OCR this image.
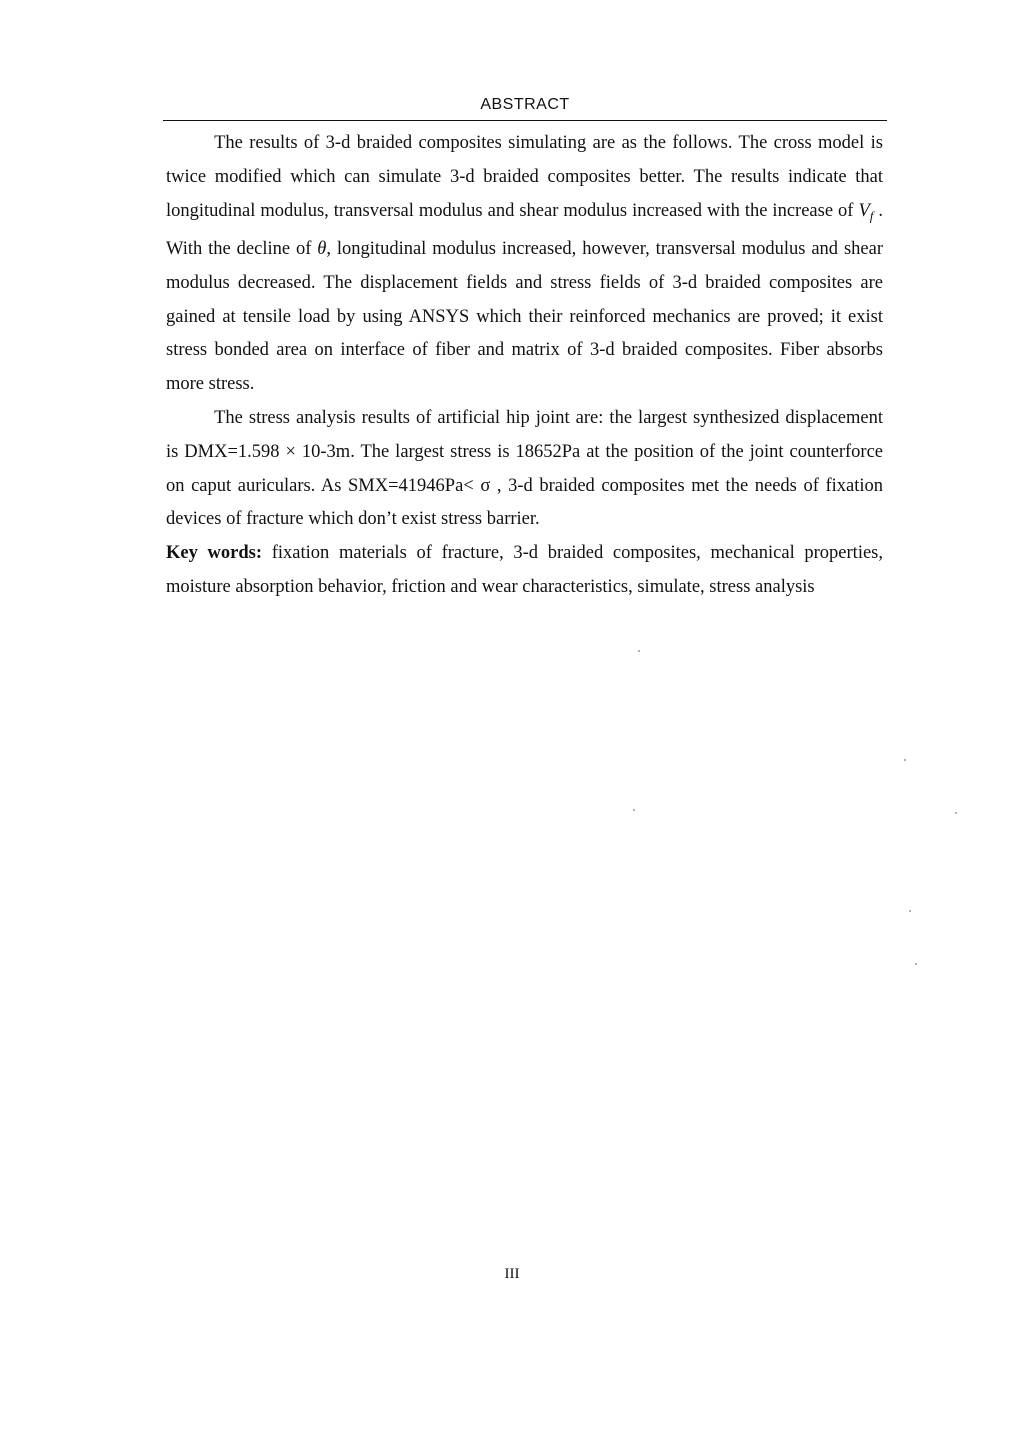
ABSTRACT

The results of 3-d braided composites simulating are as the follows. The cross model is twice modified which can simulate 3-d braided composites better. The results indicate that longitudinal modulus, transversal modulus and shear modulus increased with the increase of $V_f$ . With the decline of θ, longitudinal modulus increased, however, transversal modulus and shear modulus decreased. The displacement fields and stress fields of 3-d braided composites are gained at tensile load by using ANSYS which their reinforced mechanics are proved; it exist stress bonded area on interface of fiber and matrix of 3-d braided composites. Fiber absorbs more stress.

The stress analysis results of artificial hip joint are: the largest synthesized displacement is DMX=1.598 × 10-3m. The largest stress is 18652Pa at the position of the joint counterforce on caput auriculars. As SMX=41946Pa< σ , 3-d braided composites met the needs of fixation devices of fracture which don’t exist stress barrier.

Key words: fixation materials of fracture, 3-d braided composites, mechanical properties, moisture absorption behavior, friction and wear characteristics, simulate, stress analysis

III
